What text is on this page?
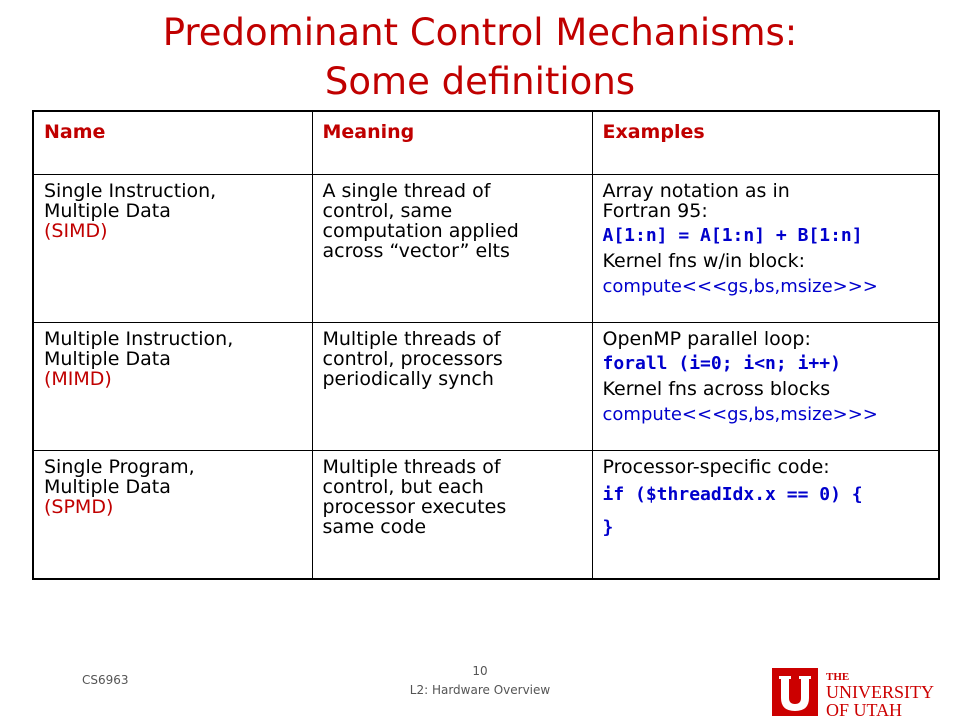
Predominant Control Mechanisms:
Some definitions
Name	Meaning	Examples

Single Instruction,
Multiple Data
(SIMD)	A single thread of
control, same
computation applied
across “vector” elts	Array notation as in
Fortran 95:
A[1:n] = A[1:n] + B[1:n]
Kernel fns w/in block:
compute<<<gs,bs,msize>>>

Multiple Instruction,
Multiple Data
(MIMD)	Multiple threads of
control, processors
periodically synch	OpenMP parallel loop:
forall (i=0; i<n; i++)
Kernel fns across blocks
compute<<<gs,bs,msize>>>

Single Program,
Multiple Data
(SPMD)	Multiple threads of
control, but each
processor executes
same code	Processor-specific code:
if ($threadIdx.x == 0) {
}
CS6963
10
L2: Hardware Overview
THE
UNIVERSITY
OF UTAH
